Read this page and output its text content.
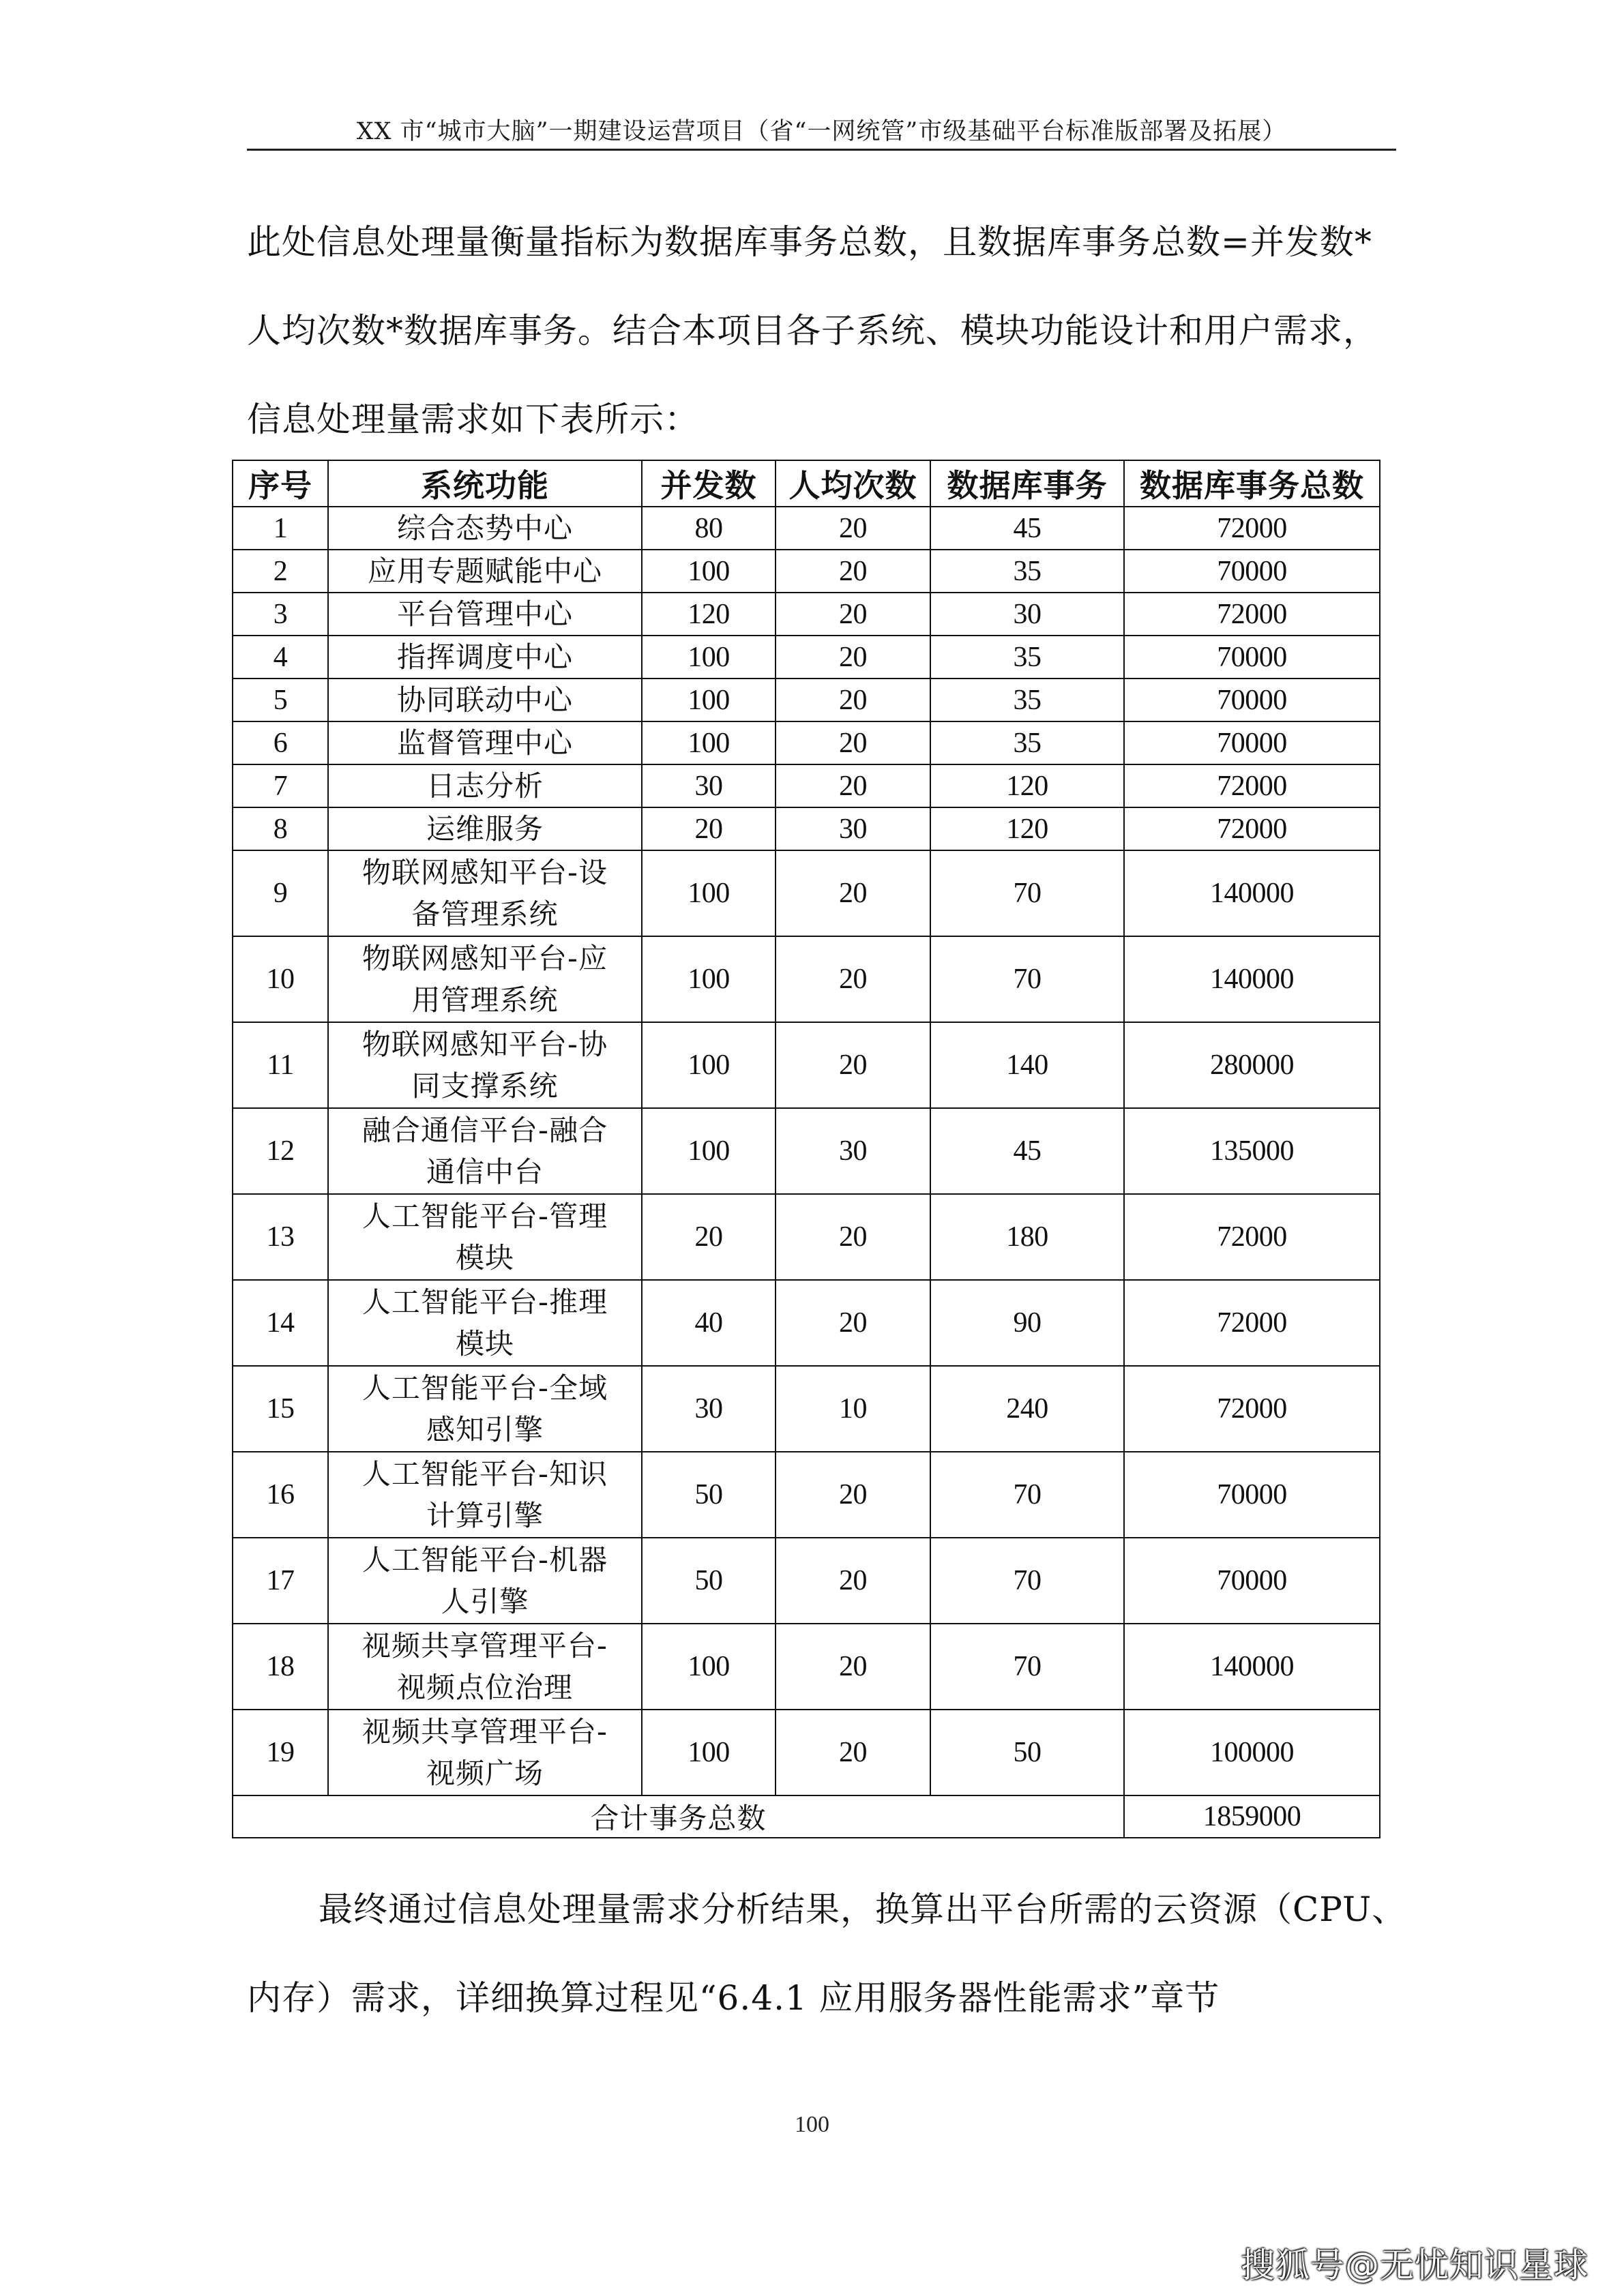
XX 市“城市大脑”一期建设运营项目（省“一网统管”市级基础平台标准版部署及拓展）
此处信息处理量衡量指标为数据库事务总数，且数据库事务总数=并发数*
人均次数*数据库事务。结合本项目各子系统、模块功能设计和用户需求，
信息处理量需求如下表所示：
序号	系统功能	并发数	人均次数	数据库事务	数据库事务总数
1	综合态势中心	80	20	45	72000
2	应用专题赋能中心	100	20	35	70000
3	平台管理中心	120	20	30	72000
4	指挥调度中心	100	20	35	70000
5	协同联动中心	100	20	35	70000
6	监督管理中心	100	20	35	70000
7	日志分析	30	20	120	72000
8	运维服务	20	30	120	72000
9	物联网感知平台-设
备管理系统	100	20	70	140000
10	物联网感知平台-应
用管理系统	100	20	70	140000
11	物联网感知平台-协
同支撑系统	100	20	140	280000
12	融合通信平台-融合
通信中台	100	30	45	135000
13	人工智能平台-管理
模块	20	20	180	72000
14	人工智能平台-推理
模块	40	20	90	72000
15	人工智能平台-全域
感知引擎	30	10	240	72000
16	人工智能平台-知识
计算引擎	50	20	70	70000
17	人工智能平台-机器
人引擎	50	20	70	70000
18	视频共享管理平台-
视频点位治理	100	20	70	140000
19	视频共享管理平台-
视频广场	100	20	50	100000
合计事务总数					1859000
最终通过信息处理量需求分析结果，换算出平台所需的云资源（CPU、
内存）需求，详细换算过程见“6.4.1 应用服务器性能需求”章节
100
搜狐号@无忧知识星球
